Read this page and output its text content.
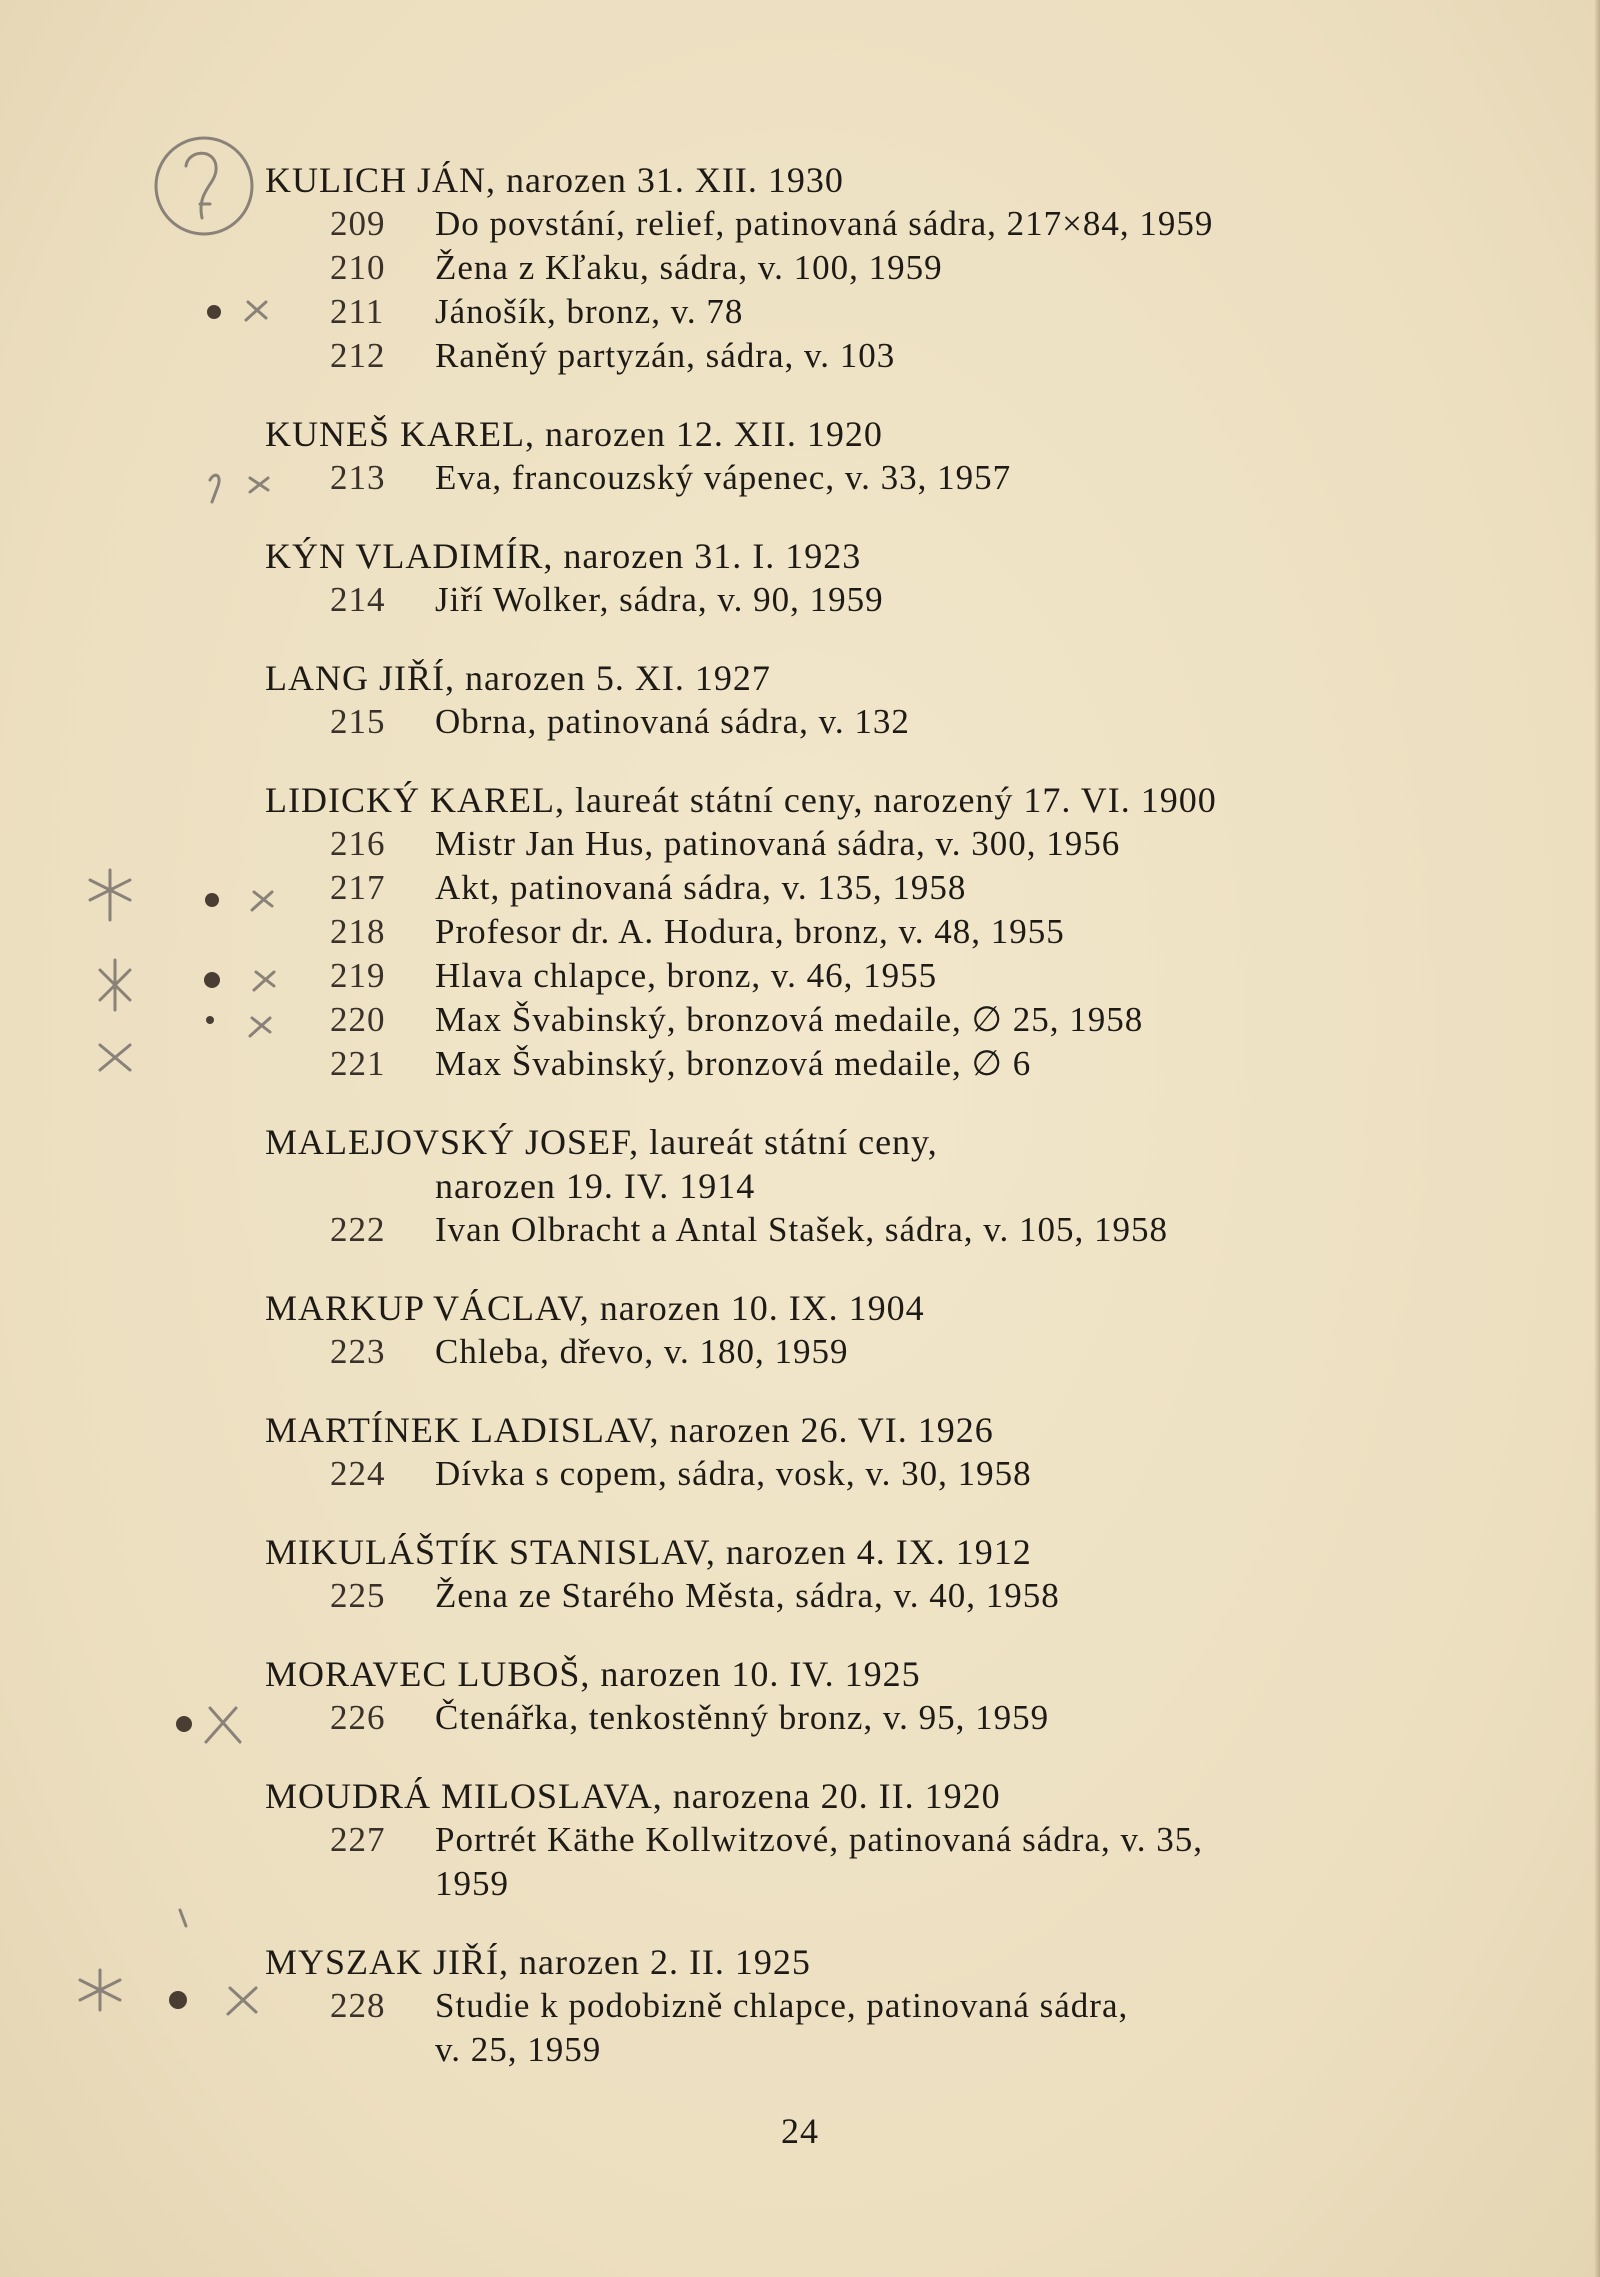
KULICH JÁN, narozen 31. XII. 1930
209 Do povstání, relief, patinovaná sádra, 217×84, 1959
210 Žena z Kľaku, sádra, v. 100, 1959
211 Jánošík, bronz, v. 78
212 Raněný partyzán, sádra, v. 103
KUNEŠ KAREL, narozen 12. XII. 1920
213 Eva, francouzský vápenec, v. 33, 1957
KÝN VLADIMÍR, narozen 31. I. 1923
214 Jiří Wolker, sádra, v. 90, 1959
LANG JIŘÍ, narozen 5. XI. 1927
215 Obrna, patinovaná sádra, v. 132
LIDICKÝ KAREL, laureát státní ceny, narozený 17. VI. 1900
216 Mistr Jan Hus, patinovaná sádra, v. 300, 1956
217 Akt, patinovaná sádra, v. 135, 1958
218 Profesor dr. A. Hodura, bronz, v. 48, 1955
219 Hlava chlapce, bronz, v. 46, 1955
220 Max Švabinský, bronzová medaile, ∅ 25, 1958
221 Max Švabinský, bronzová medaile, ∅ 6
MALEJOVSKÝ JOSEF, laureát státní ceny,
narozen 19. IV. 1914
222 Ivan Olbracht a Antal Stašek, sádra, v. 105, 1958
MARKUP VÁCLAV, narozen 10. IX. 1904
223 Chleba, dřevo, v. 180, 1959
MARTÍNEK LADISLAV, narozen 26. VI. 1926
224 Dívka s copem, sádra, vosk, v. 30, 1958
MIKULÁŠTÍK STANISLAV, narozen 4. IX. 1912
225 Žena ze Starého Města, sádra, v. 40, 1958
MORAVEC LUBOŠ, narozen 10. IV. 1925
226 Čtenářka, tenkostěnný bronz, v. 95, 1959
MOUDRÁ MILOSLAVA, narozena 20. II. 1920
227 Portrét Käthe Kollwitzové, patinovaná sádra, v. 35,
1959
MYSZAK JIŘÍ, narozen 2. II. 1925
228 Studie k podobizně chlapce, patinovaná sádra,
v. 25, 1959
24
